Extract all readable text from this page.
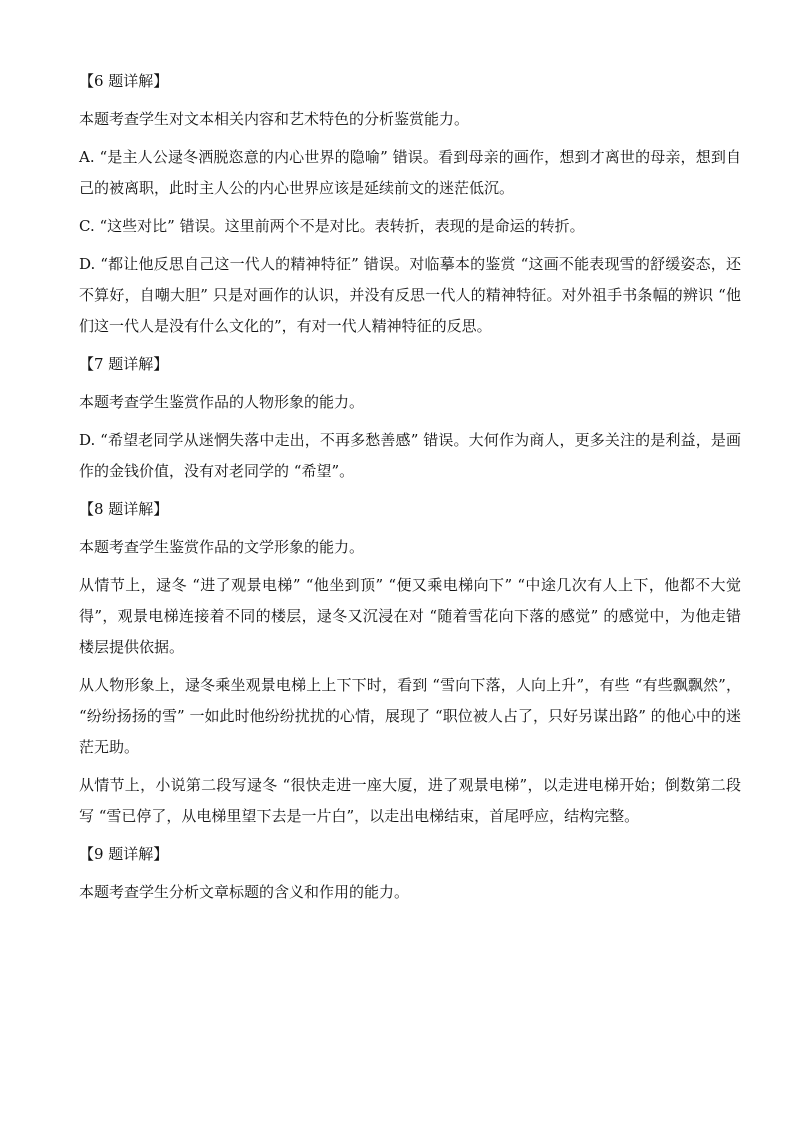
【6 题详解】

本题考查学生对文本相关内容和艺术特色的分析鉴赏能力。

A. “是主人公逯冬洒脱恣意的内心世界的隐喻” 错误。看到母亲的画作，想到才离世的母亲，想到自己的被离职，此时主人公的内心世界应该是延续前文的迷茫低沉。

C. “这些对比” 错误。这里前两个不是对比。表转折，表现的是命运的转折。

D. “都让他反思自己这一代人的精神特征” 错误。对临摹本的鉴赏 “这画不能表现雪的舒缓姿态，还不算好，自嘲大胆” 只是对画作的认识，并没有反思一代人的精神特征。对外祖手书条幅的辨识 “他们这一代人是没有什么文化的”，有对一代人精神特征的反思。

【7 题详解】

本题考查学生鉴赏作品的人物形象的能力。

D. “希望老同学从迷惘失落中走出，不再多愁善感” 错误。大何作为商人，更多关注的是利益，是画作的金钱价值，没有对老同学的 “希望”。

【8 题详解】

本题考查学生鉴赏作品的文学形象的能力。

从情节上，逯冬 “进了观景电梯” “他坐到顶” “便又乘电梯向下” “中途几次有人上下，他都不大觉得”，观景电梯连接着不同的楼层，逯冬又沉浸在对 “随着雪花向下落的感觉” 的感觉中，为他走错楼层提供依据。

从人物形象上，逯冬乘坐观景电梯上上下下时，看到 “雪向下落，人向上升”，有些 “有些飘飘然”， “纷纷扬扬的雪” 一如此时他纷纷扰扰的心情，展现了 “职位被人占了，只好另谋出路” 的他心中的迷茫无助。

从情节上，小说第二段写逯冬 “很快走进一座大厦，进了观景电梯”，以走进电梯开始；倒数第二段写 “雪已停了，从电梯里望下去是一片白”，以走出电梯结束，首尾呼应，结构完整。

【9 题详解】

本题考查学生分析文章标题的含义和作用的能力。
